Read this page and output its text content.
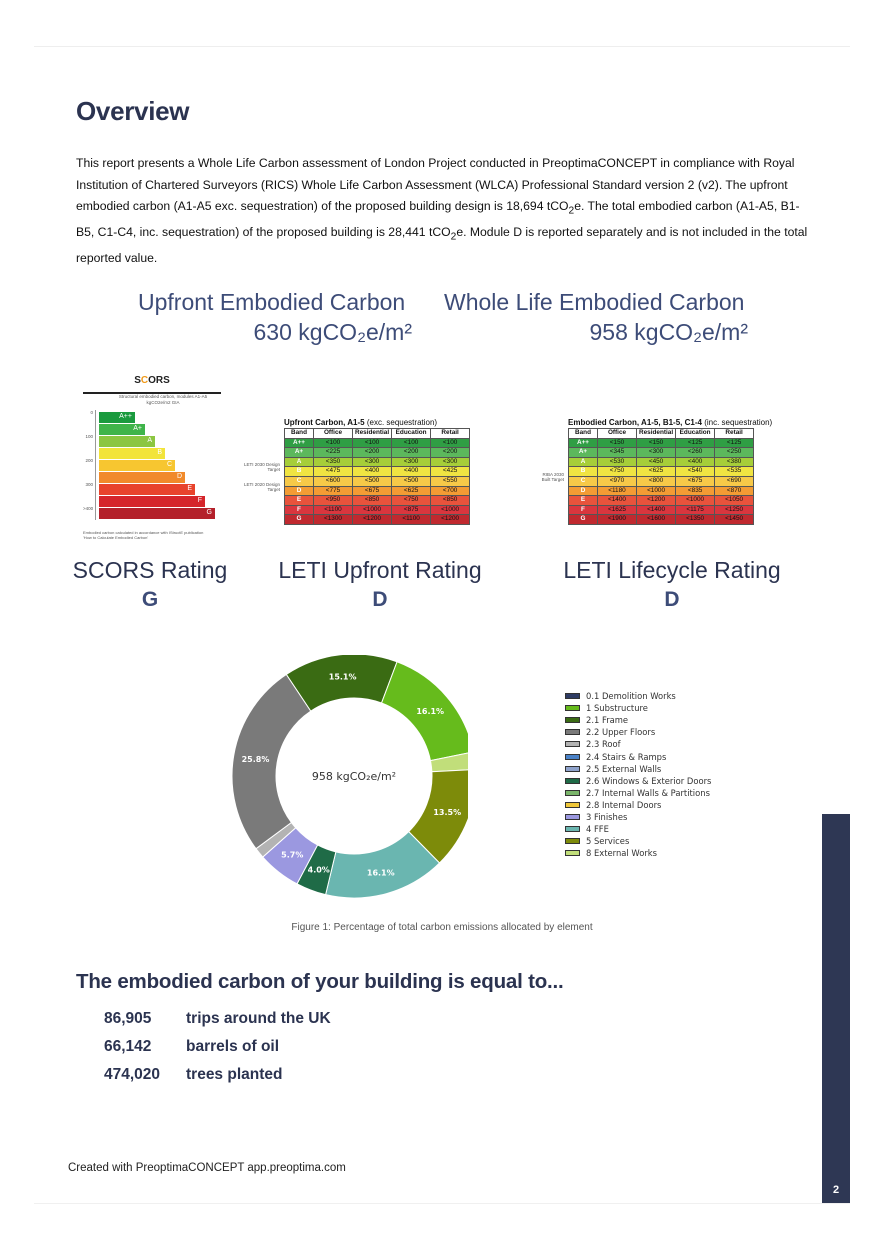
Overview
This report presents a Whole Life Carbon assessment of London Project conducted in PreoptimaCONCEPT in compliance with Royal Institution of Chartered Surveyors (RICS) Whole Life Carbon Assessment (WLCA) Professional Standard version 2 (v2). The upfront embodied carbon (A1-A5 exc. sequestration) of the proposed building design is 18,694 tCO$_2$e. The total embodied carbon (A1-A5, B1-B5, C1-C4, inc. sequestration) of the proposed building is 28,441 tCO$_2$e. Module D is reported separately and is not included in the total reported value.
Upfront Embodied Carbon
630 kgCO₂e/m²
Whole Life Embodied Carbon
958 kgCO₂e/m²
SCORS
Structural embodied carbon, modules A1-A5 kgCO2e/m2 GIA
0
100
200
300
>400
A++
A+
A
B
C
D
E
F
G
Embodied carbon calculated in accordance with IStructE publication 'How to Calculate Embodied Carbon'
Upfront Carbon, A1-5 (exc. sequestration)
Band	Office	Residential	Education	Retail
A++	<100	<100	<100	<100
A+	<225	<200	<200	<200
A	<350	<300	<300	<300
B	<475	<400	<400	<425
C	<600	<500	<500	<550
D	<775	<675	<625	<700
E	<950	<850	<750	<850
F	<1100	<1000	<875	<1000
G	<1300	<1200	<1100	<1200
LETI 2030 Design Target
LETI 2020 Design Target
Embodied Carbon, A1-5, B1-5, C1-4 (inc. sequestration)
Band	Office	Residential	Education	Retail
A++	<150	<150	<125	<125
A+	<345	<300	<260	<250
A	<530	<450	<400	<380
B	<750	<625	<540	<535
C	<970	<800	<675	<690
D	<1180	<1000	<835	<870
E	<1400	<1200	<1000	<1050
F	<1625	<1400	<1175	<1250
G	<1900	<1600	<1350	<1450
RIBA 2030 Built Target
SCORS Rating
G
LETI Upfront Rating
D
LETI Lifecycle Rating
D
15.1%
16.1%
13.5%
16.1%
4.0%
5.7%
25.8%
958 kgCO₂e/m²
0.1 Demolition Works
1 Substructure
2.1 Frame
2.2 Upper Floors
2.3 Roof
2.4 Stairs & Ramps
2.5 External Walls
2.6 Windows & Exterior Doors
2.7 Internal Walls & Partitions
2.8 Internal Doors
3 Finishes
4 FFE
5 Services
8 External Works
Figure 1: Percentage of total carbon emissions allocated by element
The embodied carbon of your building is equal to...
86,905	trips around the UK
66,142	barrels of oil
474,020	trees planted
Created with PreoptimaCONCEPT app.preoptima.com
2
